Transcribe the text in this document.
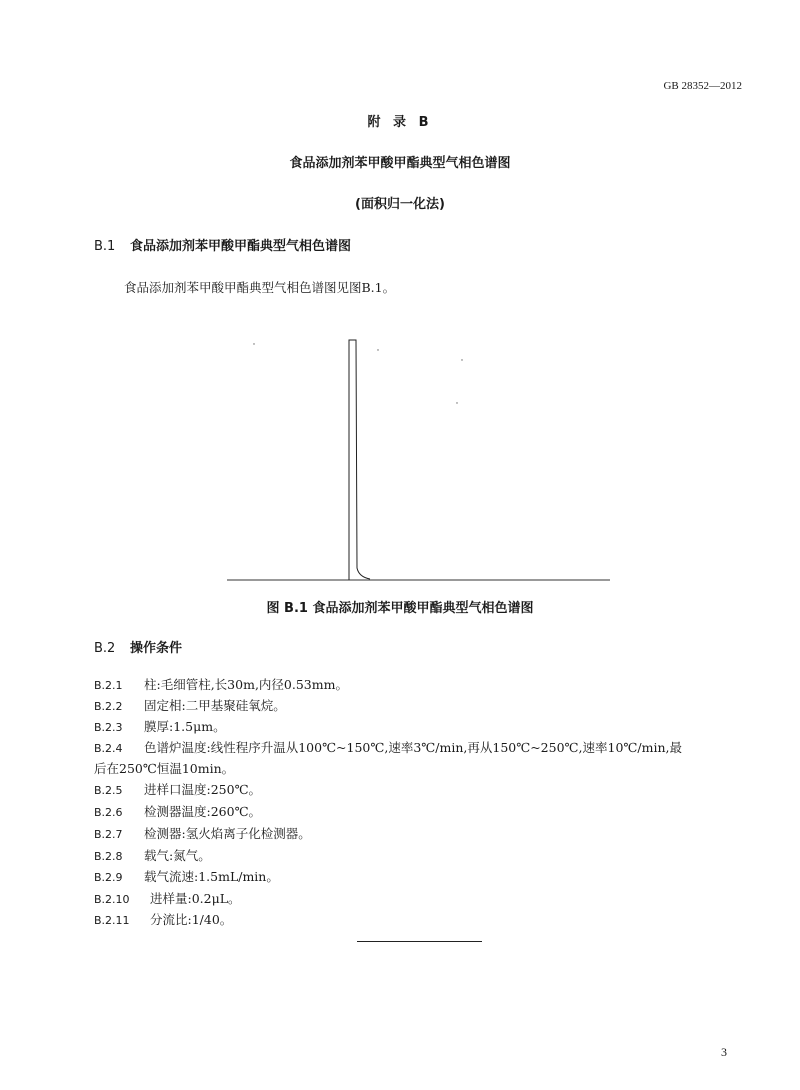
GB 28352—2012
附 录 B
食品添加剂苯甲酸甲酯典型气相色谱图
(面积归一化法)
B.1 食品添加剂苯甲酸甲酯典型气相色谱图
食品添加剂苯甲酸甲酯典型气相色谱图见图B.1。
图 B.1 食品添加剂苯甲酸甲酯典型气相色谱图
B.2 操作条件
B.2.1 柱:毛细管柱,长30m,内径0.53mm。
B.2.2 固定相:二甲基聚硅氧烷。
B.2.3 膜厚:1.5μm。
B.2.4 色谱炉温度:线性程序升温从100℃~150℃,速率3℃/min,再从150℃~250℃,速率10℃/min,最
后在250℃恒温10min。
B.2.5 进样口温度:250℃。
B.2.6 检测器温度:260℃。
B.2.7 检测器:氢火焰离子化检测器。
B.2.8 载气:氮气。
B.2.9 载气流速:1.5mL/min。
B.2.10 进样量:0.2μL。
B.2.11 分流比:1/40。
3
